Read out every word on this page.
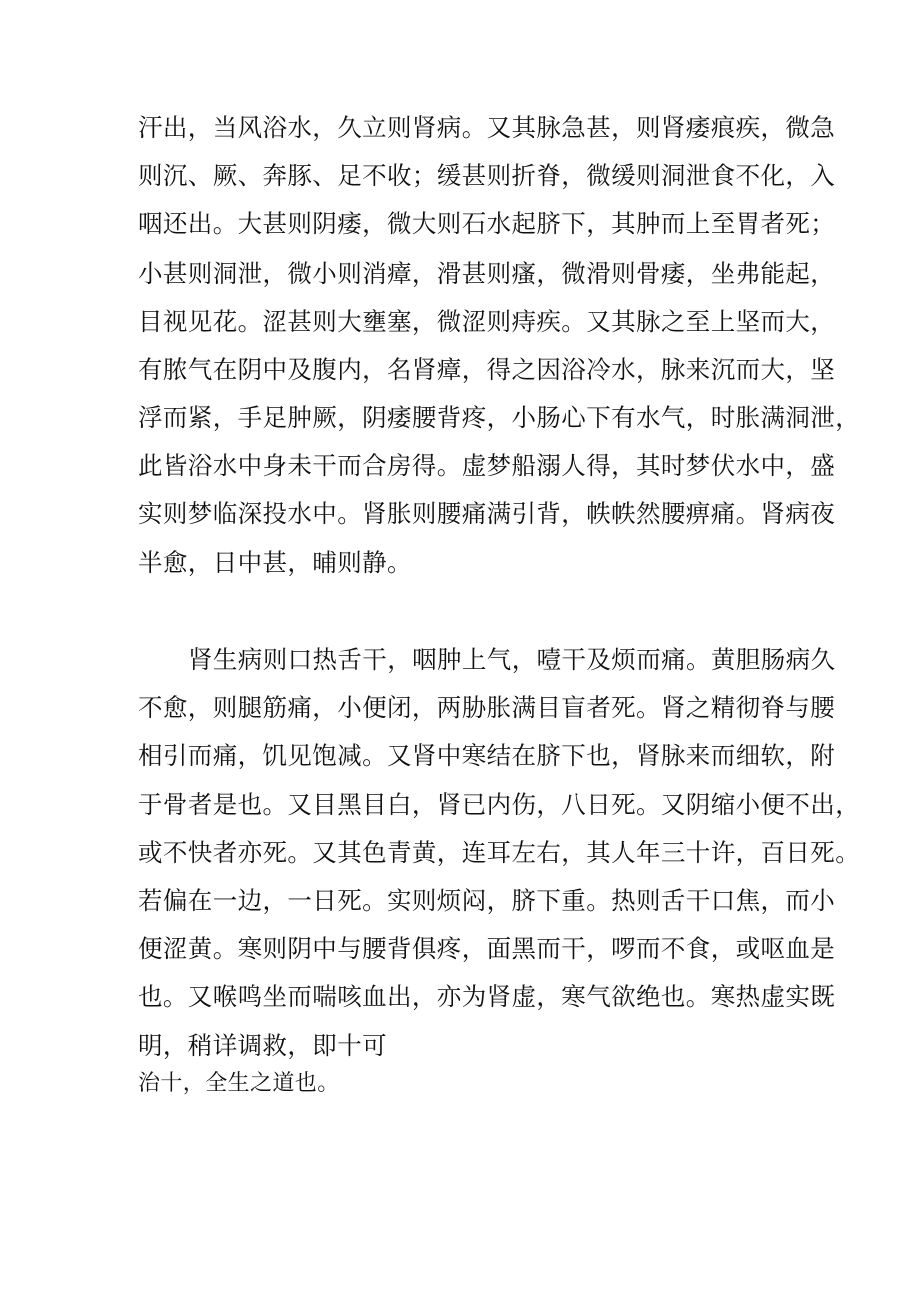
汗出，当风浴水，久立则肾病。又其脉急甚，则肾痿痕疾，微急
则沉、厥、奔豚、足不收；缓甚则折脊，微缓则洞泄食不化，入
咽还出。大甚则阴痿，微大则石水起脐下，其肿而上至胃者死；
小甚则洞泄，微小则消瘴，滑甚则瘙，微滑则骨痿，坐弗能起，
目视见花。涩甚则大壅塞，微涩则痔疾。又其脉之至上坚而大，
有脓气在阴中及腹内，名肾瘴，得之因浴冷水，脉来沉而大，坚
浮而紧，手足肿厥，阴痿腰背疼，小肠心下有水气，时胀满洞泄，
此皆浴水中身未干而合房得。虚梦船溺人得，其时梦伏水中，盛
实则梦临深投水中。肾胀则腰痛满引背，帙帙然腰痹痛。肾病夜
半愈，日中甚，晡则静。
肾生病则口热舌干，咽肿上气，噎干及烦而痛。黄胆肠病久
不愈，则腿筋痛，小便闭，两胁胀满目盲者死。肾之精彻脊与腰
相引而痛，饥见饱减。又肾中寒结在脐下也，肾脉来而细软，附
于骨者是也。又目黑目白，肾已内伤，八日死。又阴缩小便不出，
或不快者亦死。又其色青黄，连耳左右，其人年三十许，百日死。
若偏在一边，一日死。实则烦闷，脐下重。热则舌干口焦，而小
便涩黄。寒则阴中与腰背俱疼，面黑而干，啰而不食，或呕血是
也。又喉鸣坐而喘咳血出，亦为肾虚，寒气欲绝也。寒热虚实既
明，稍详调救，即十可
治十，全生之道也。
